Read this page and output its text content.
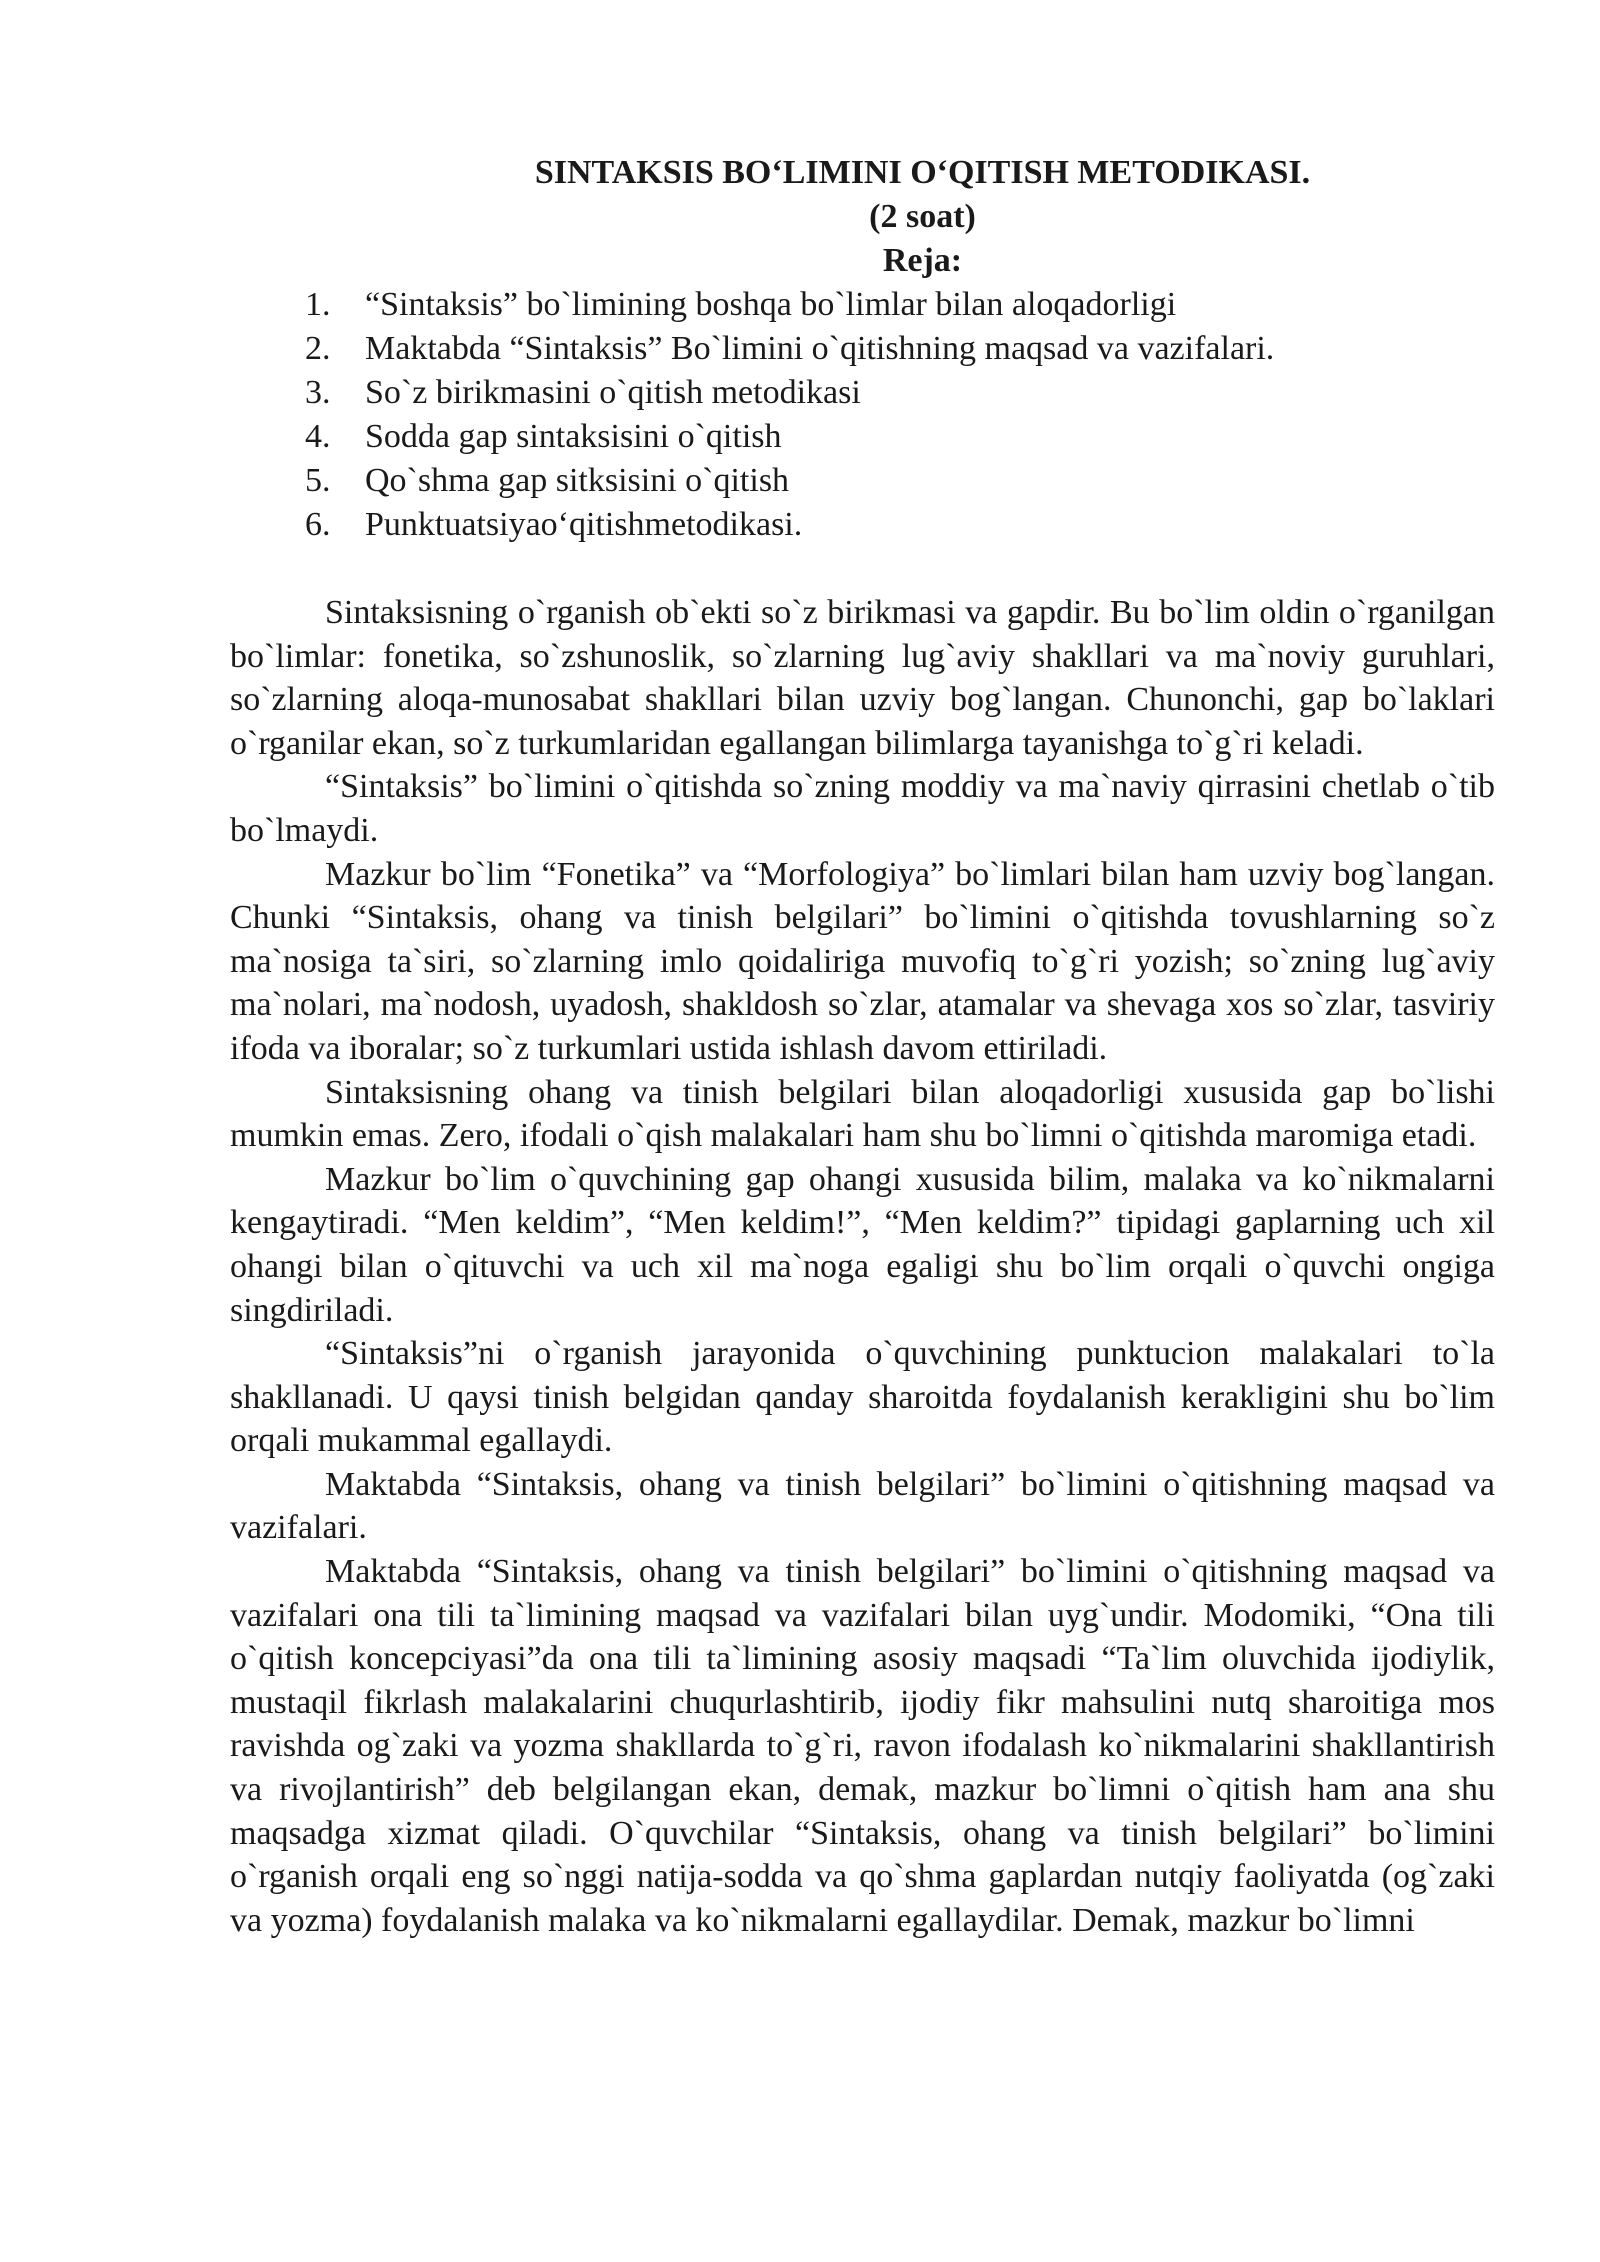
SINTAKSIS BO‘LIMINI O‘QITISH METODIKASI.
(2 soat)
Reja:
1.	“Sintaksis” bo`limining boshqa bo`limlar bilan aloqadorligi
2.	Maktabda “Sintaksis” Bo`limini o`qitishning maqsad va vazifalari.
3.	So`z birikmasini o`qitish metodikasi
4.	Sodda gap sintaksisini o`qitish
5.	Qo`shma gap sitksisini o`qitish
6.	Punktuatsiyaoʻqitishmetodikasi.

Sintaksisning o`rganish ob`ekti so`z birikmasi va gapdir. Bu bo`lim oldin o`rganilgan bo`limlar: fonetika, so`zshunoslik, so`zlarning lug`aviy shakllari va ma`noviy guruhlari, so`zlarning aloqa-munosabat shakllari bilan uzviy bog`langan. Chunonchi, gap bo`laklari o`rganilar ekan, so`z turkumlaridan egallangan bilimlarga tayanishga to`g`ri keladi.

“Sintaksis” bo`limini o`qitishda so`zning moddiy va ma`naviy qirrasini chetlab o`tib bo`lmaydi.

Mazkur bo`lim “Fonetika” va “Morfologiya” bo`limlari bilan ham uzviy bog`langan. Chunki “Sintaksis, ohang va tinish belgilari” bo`limini o`qitishda tovushlarning so`z ma`nosiga ta`siri, so`zlarning imlo qoidaliriga muvofiq to`g`ri yozish; so`zning lug`aviy ma`nolari, ma`nodosh, uyadosh, shakldosh so`zlar, atamalar va shevaga xos so`zlar, tasviriy ifoda va iboralar; so`z turkumlari ustida ishlash davom ettiriladi.

Sintaksisning ohang va tinish belgilari bilan aloqadorligi xususida gap bo`lishi mumkin emas. Zero, ifodali o`qish malakalari ham shu bo`limni o`qitishda maromiga etadi.

Mazkur bo`lim o`quvchining gap ohangi xususida bilim, malaka va ko`nikmalarni kengaytiradi. “Men keldim”, “Men keldim!”, “Men keldim?” tipidagi gaplarning uch xil ohangi bilan o`qituvchi va uch xil ma`noga egaligi shu bo`lim orqali o`quvchi ongiga singdiriladi.

“Sintaksis”ni o`rganish jarayonida o`quvchining punktucion malakalari to`la shakllanadi. U qaysi tinish belgidan qanday sharoitda foydalanish kerakligini shu bo`lim orqali mukammal egallaydi.

Maktabda “Sintaksis, ohang va tinish belgilari” bo`limini o`qitishning maqsad va vazifalari.

Maktabda “Sintaksis, ohang va tinish belgilari” bo`limini o`qitishning maqsad va vazifalari ona tili ta`limining maqsad va vazifalari bilan uyg`undir. Modomiki, “Ona tili o`qitish koncepciyasi”da ona tili ta`limining asosiy maqsadi “Ta`lim oluvchida ijodiylik, mustaqil fikrlash malakalarini chuqurlashtirib, ijodiy fikr mahsulini nutq sharoitiga mos ravishda og`zaki va yozma shakllarda to`g`ri, ravon ifodalash ko`nikmalarini shakllantirish va rivojlantirish” deb belgilangan ekan, demak, mazkur bo`limni o`qitish ham ana shu maqsadga xizmat qiladi. O`quvchilar “Sintaksis, ohang va tinish belgilari” bo`limini o`rganish orqali eng so`nggi natija-sodda va qo`shma gaplardan nutqiy faoliyatda (og`zaki va yozma) foydalanish malaka va ko`nikmalarni egallaydilar. Demak, mazkur bo`limni
